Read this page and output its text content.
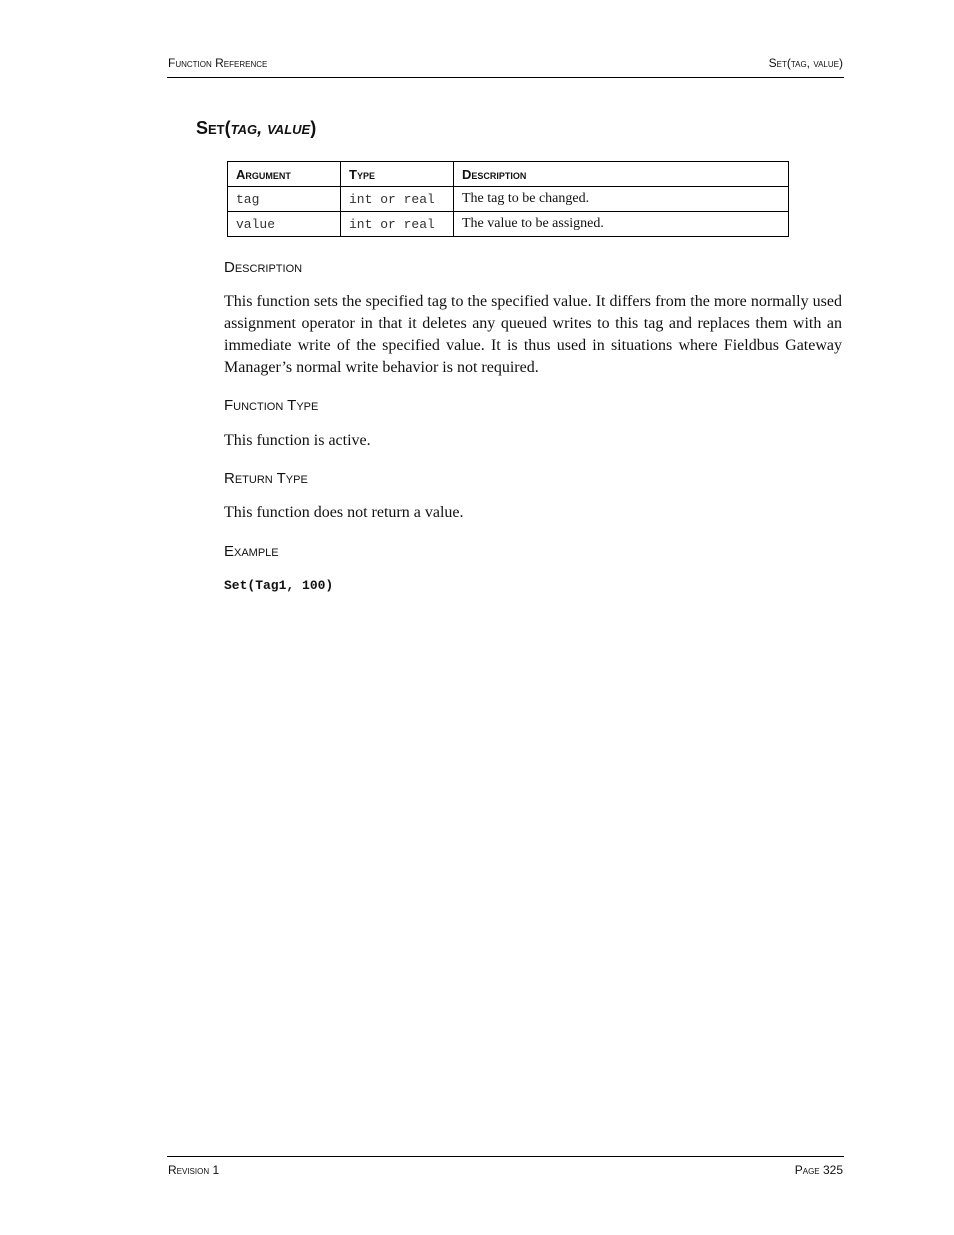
Function Reference	Set(tag, value)
Set(tag, value)
Argument	Type	Description
tag	int or real	The tag to be changed.
value	int or real	The value to be assigned.
Description

This function sets the specified tag to the specified value. It differs from the more normally used assignment operator in that it deletes any queued writes to this tag and replaces them with an immediate write of the specified value. It is thus used in situations where Fieldbus Gateway Manager’s normal write behavior is not required.

Function Type

This function is active.

Return Type

This function does not return a value.

Example
Set(Tag1, 100)
Revision 1	Page 325
